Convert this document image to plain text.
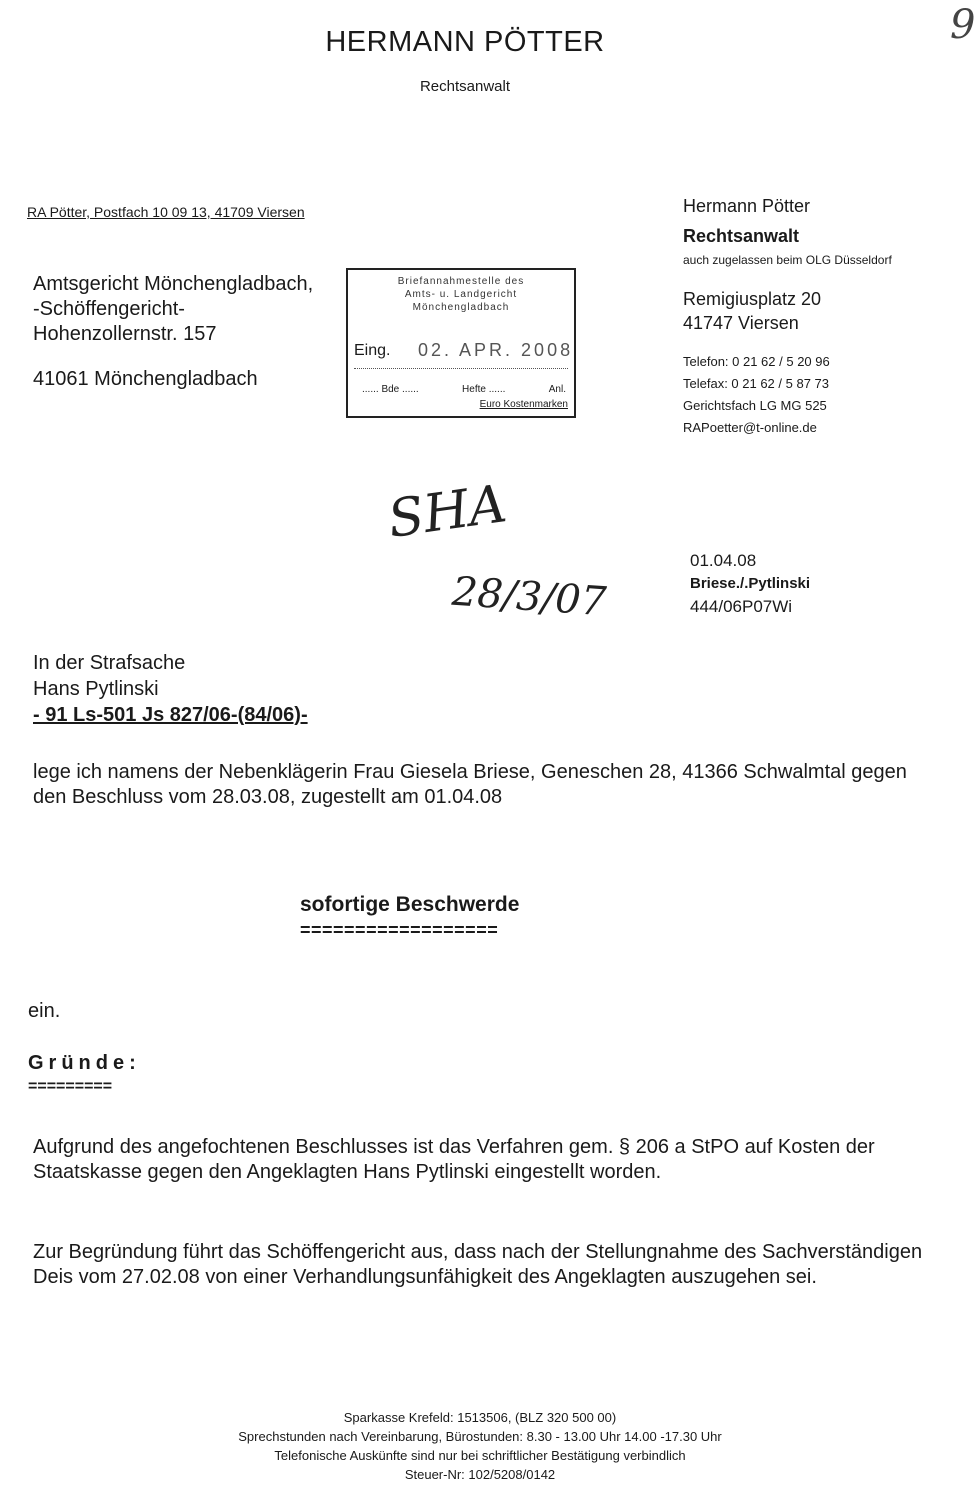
HERMANN PÖTTER
Rechtsanwalt
9
RA Pötter, Postfach 10 09 13, 41709 Viersen
Amtsgericht Mönchengladbach,
-Schöffengericht-
Hohenzollernstr. 157
41061 Mönchengladbach
Briefannahmestelle des
Amts- u. Landgericht
Mönchengladbach
Eing. 02. APR. 2008
...... Bde ......	Hefte ......	Anl.
Euro Kostenmarken
Hermann Pötter
Rechtsanwalt
auch zugelassen beim OLG Düsseldorf
Remigiusplatz 20
41747 Viersen
Telefon: 0 21 62 / 5 20 96
Telefax: 0 21 62 / 5 87 73
Gerichtsfach LG MG 525
RAPoetter@t-online.de
SHA
28/3/07
01.04.08
Briese./.Pytlinski
444/06P07Wi
In der Strafsache
Hans Pytlinski
- 91 Ls-501 Js 827/06-(84/06)-
lege ich namens der Nebenklägerin Frau Giesela Briese, Geneschen 28, 41366 Schwalmtal gegen den Beschluss vom 28.03.08, zugestellt am 01.04.08
sofortige Beschwerde
==================
ein.
Gründe:
=========
Aufgrund des angefochtenen Beschlusses ist das Verfahren gem. § 206 a StPO auf Kosten der Staatskasse gegen den Angeklagten Hans Pytlinski eingestellt worden.
Zur Begründung führt das Schöffengericht aus, dass nach der Stellungnahme des Sachverständigen Deis vom 27.02.08 von einer Verhandlungsunfähigkeit des Angeklagten auszugehen sei.
Sparkasse Krefeld: 1513506, (BLZ 320 500 00)
Sprechstunden nach Vereinbarung, Bürostunden: 8.30 - 13.00 Uhr 14.00 -17.30 Uhr
Telefonische Auskünfte sind nur bei schriftlicher Bestätigung verbindlich
Steuer-Nr: 102/5208/0142
